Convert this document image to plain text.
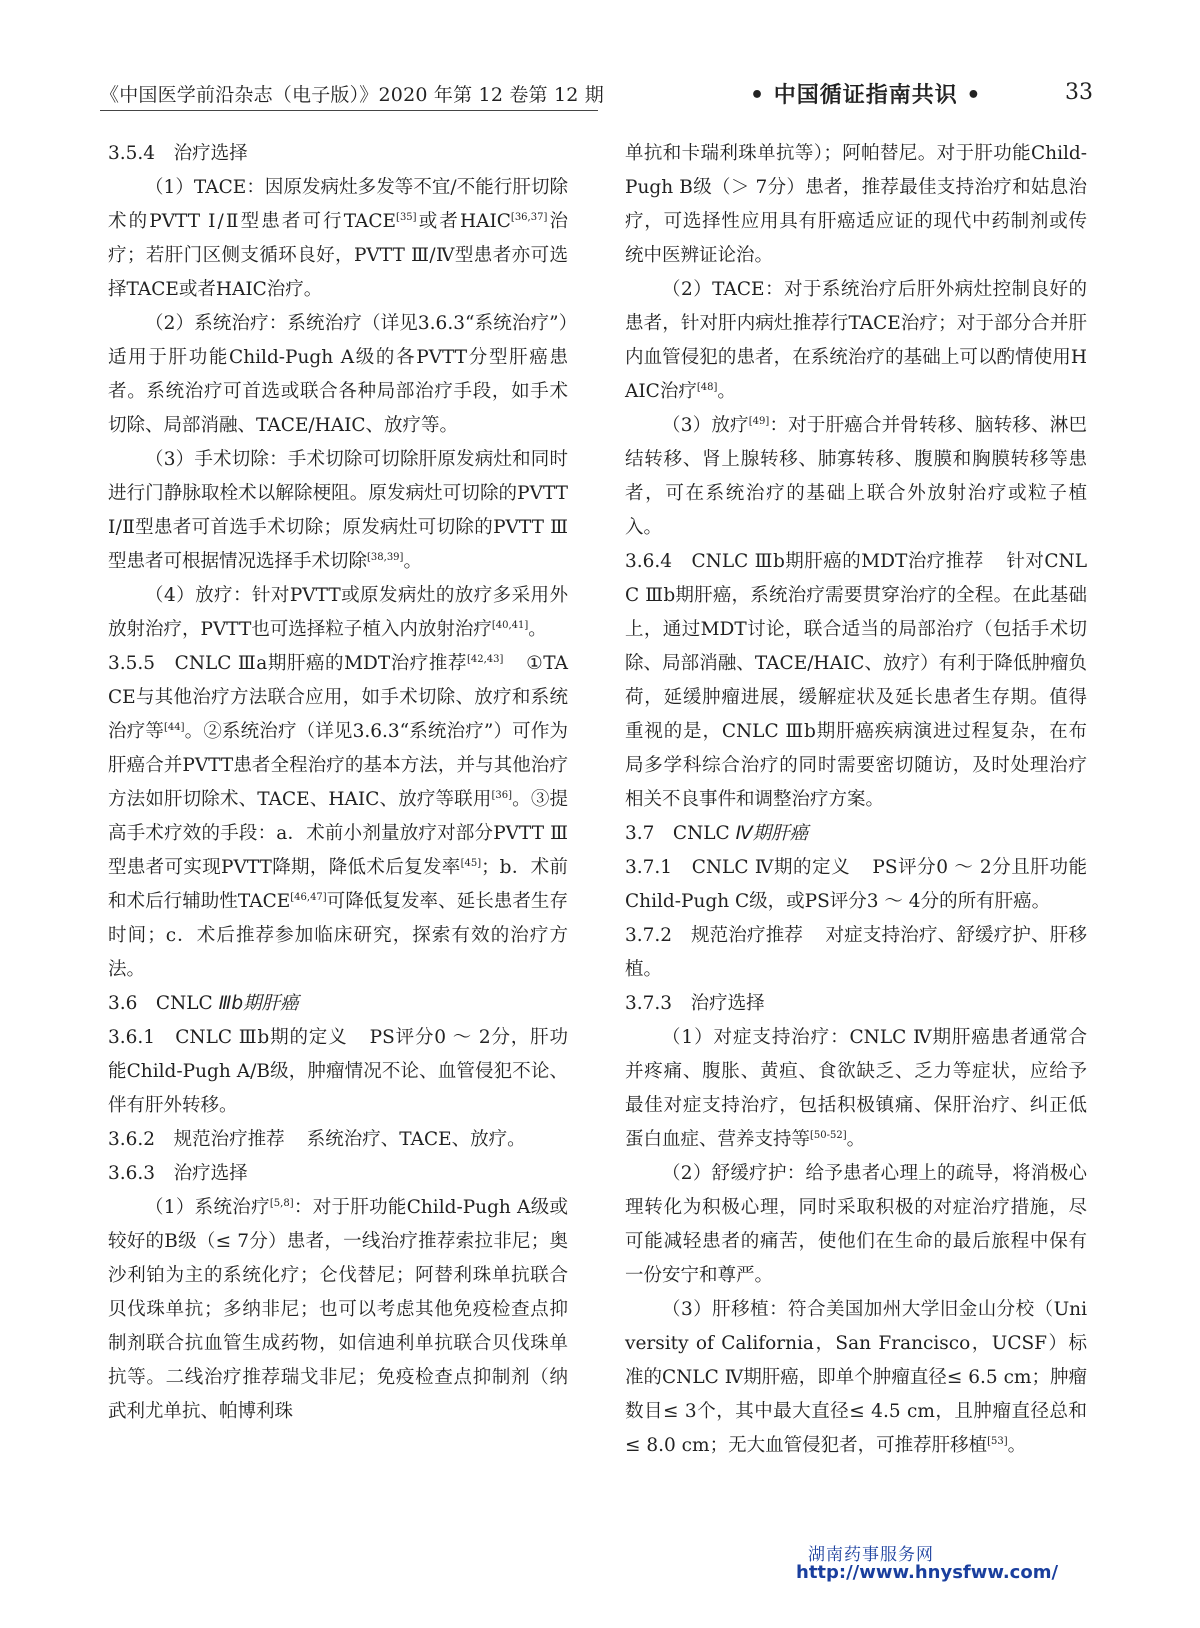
《中国医学前沿杂志（电子版）》2020 年第 12 卷第 12 期	• 中国循证指南共识 •	33

3.5.4　治疗选择

（1）TACE：因原发病灶多发等不宜/不能行肝切除术的PVTT Ⅰ/Ⅱ型患者可行TACE[35]或者HAIC[36,37]治疗；若肝门区侧支循环良好，PVTT Ⅲ/Ⅳ型患者亦可选择TACE或者HAIC治疗。

（2）系统治疗：系统治疗（详见3.6.3“系统治疗”）适用于肝功能Child-Pugh A级的各PVTT分型肝癌患者。系统治疗可首选或联合各种局部治疗手段，如手术切除、局部消融、TACE/HAIC、放疗等。

（3）手术切除：手术切除可切除肝原发病灶和同时进行门静脉取栓术以解除梗阻。原发病灶可切除的PVTT Ⅰ/Ⅱ型患者可首选手术切除；原发病灶可切除的PVTT Ⅲ型患者可根据情况选择手术切除[38,39]。

（4）放疗：针对PVTT或原发病灶的放疗多采用外放射治疗，PVTT也可选择粒子植入内放射治疗[40,41]。

3.5.5　CNLC Ⅲa期肝癌的MDT治疗推荐[42,43] ①TACE与其他治疗方法联合应用，如手术切除、放疗和系统治疗等[44]。②系统治疗（详见3.6.3“系统治疗”）可作为肝癌合并PVTT患者全程治疗的基本方法，并与其他治疗方法如肝切除术、TACE、HAIC、放疗等联用[36]。③提高手术疗效的手段：a．术前小剂量放疗对部分PVTT Ⅲ型患者可实现PVTT降期，降低术后复发率[45]；b．术前和术后行辅助性TACE[46,47]可降低复发率、延长患者生存时间；c．术后推荐参加临床研究，探索有效的治疗方法。

3.6　CNLC Ⅲb期肝癌

3.6.1　CNLC Ⅲb期的定义 PS评分0 ～ 2分，肝功能Child-Pugh A/B级，肿瘤情况不论、血管侵犯不论、伴有肝外转移。

3.6.2　规范治疗推荐 系统治疗、TACE、放疗。

3.6.3　治疗选择

（1）系统治疗[5,8]：对于肝功能Child-Pugh A级或较好的B级（≤ 7分）患者，一线治疗推荐索拉非尼；奥沙利铂为主的系统化疗；仑伐替尼；阿替利珠单抗联合贝伐珠单抗；多纳非尼；也可以考虑其他免疫检查点抑制剂联合抗血管生成药物，如信迪利单抗联合贝伐珠单抗等。二线治疗推荐瑞戈非尼；免疫检查点抑制剂（纳武利尤单抗、帕博利珠

单抗和卡瑞利珠单抗等）；阿帕替尼。对于肝功能Child-Pugh B级（＞ 7分）患者，推荐最佳支持治疗和姑息治疗，可选择性应用具有肝癌适应证的现代中药制剂或传统中医辨证论治。

（2）TACE：对于系统治疗后肝外病灶控制良好的患者，针对肝内病灶推荐行TACE治疗；对于部分合并肝内血管侵犯的患者，在系统治疗的基础上可以酌情使用HAIC治疗[48]。

（3）放疗[49]：对于肝癌合并骨转移、脑转移、淋巴结转移、肾上腺转移、肺寡转移、腹膜和胸膜转移等患者，可在系统治疗的基础上联合外放射治疗或粒子植入。

3.6.4　CNLC Ⅲb期肝癌的MDT治疗推荐 针对CNLC Ⅲb期肝癌，系统治疗需要贯穿治疗的全程。在此基础上，通过MDT讨论，联合适当的局部治疗（包括手术切除、局部消融、TACE/HAIC、放疗）有利于降低肿瘤负荷，延缓肿瘤进展，缓解症状及延长患者生存期。值得重视的是，CNLC Ⅲb期肝癌疾病演进过程复杂，在布局多学科综合治疗的同时需要密切随访，及时处理治疗相关不良事件和调整治疗方案。

3.7　CNLC Ⅳ期肝癌

3.7.1　CNLC Ⅳ期的定义 PS评分0 ～ 2分且肝功能Child-Pugh C级，或PS评分3 ～ 4分的所有肝癌。

3.7.2　规范治疗推荐 对症支持治疗、舒缓疗护、肝移植。

3.7.3　治疗选择

（1）对症支持治疗：CNLC Ⅳ期肝癌患者通常合并疼痛、腹胀、黄疸、食欲缺乏、乏力等症状，应给予最佳对症支持治疗，包括积极镇痛、保肝治疗、纠正低蛋白血症、营养支持等[50-52]。

（2）舒缓疗护：给予患者心理上的疏导，将消极心理转化为积极心理，同时采取积极的对症治疗措施，尽可能减轻患者的痛苦，使他们在生命的最后旅程中保有一份安宁和尊严。

（3）肝移植：符合美国加州大学旧金山分校（University of California，San Francisco，UCSF）标准的CNLC Ⅳ期肝癌，即单个肿瘤直径≤ 6.5 cm；肿瘤数目≤ 3个，其中最大直径≤ 4.5 cm，且肿瘤直径总和≤ 8.0 cm；无大血管侵犯者，可推荐肝移植[53]。

湖南药事服务网
http://www.hnysfww.com/
